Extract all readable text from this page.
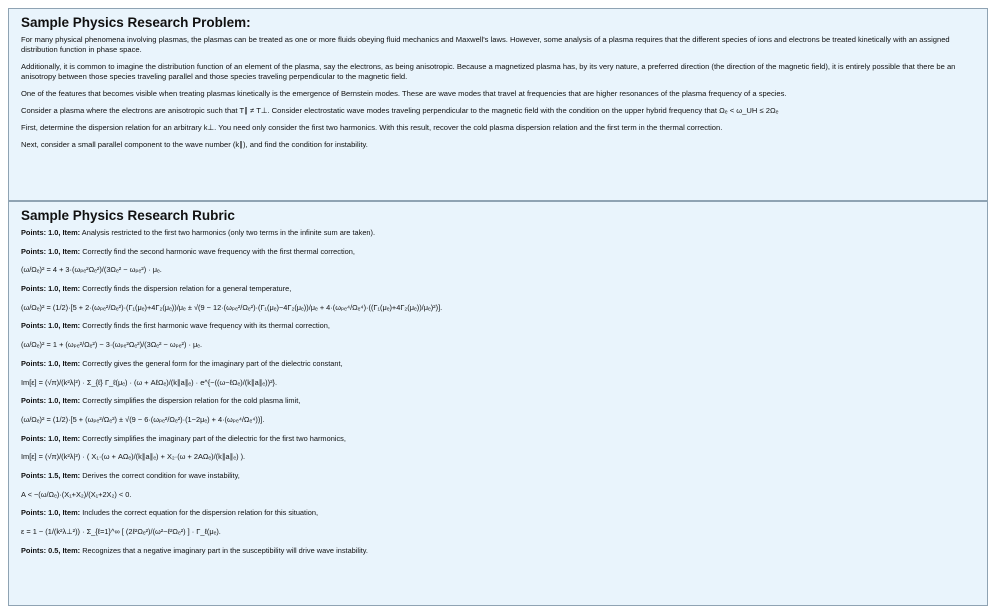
Sample Physics Research Problem:

For many physical phenomena involving plasmas, the plasmas can be treated as one or more fluids obeying fluid mechanics and Maxwell's laws. However, some analysis of a plasma requires that the different species of ions and electrons be treated kinetically with an assigned distribution function in phase space.

Additionally, it is common to imagine the distribution function of an element of the plasma, say the electrons, as being anisotropic. Because a magnetized plasma has, by its very nature, a preferred direction (the direction of the magnetic field), it is entirely possible that there be an anisotropy between those species traveling parallel and those species traveling perpendicular to the magnetic field.

One of the features that becomes visible when treating plasmas kinetically is the emergence of Bernstein modes. These are wave modes that travel at frequencies that are higher resonances of the plasma frequency of a species.

Consider a plasma where the electrons are anisotropic such that T∥ ≠ T⊥. Consider electrostatic wave modes traveling perpendicular to the magnetic field with the condition on the upper hybrid frequency that Ωₑ < ω_UH ≤ 2Ωₑ

First, determine the dispersion relation for an arbitrary k⊥. You need only consider the first two harmonics. With this result, recover the cold plasma dispersion relation and the first term in the thermal correction.

Next, consider a small parallel component to the wave number (k∥), and find the condition for instability.

Sample Physics Research Rubric
Points: 1.0, Item: Analysis restricted to the first two harmonics (only two terms in the infinite sum are taken).
Points: 1.0, Item: Correctly find the second harmonic wave frequency with the first thermal correction,
(ω/Ωₑ)² = 4 + 3·(ωₚₑ²Ωₑ²)/(3Ωₑ² − ωₚₑ²) · μₑ.
Points: 1.0, Item: Correctly finds the dispersion relation for a general temperature,
(ω/Ωₑ)² = (1/2)·[5 + 2·(ωₚₑ²/Ωₑ²)·(Γ₁(μₑ)+4Γ₂(μₑ))/μₑ ± √(9 − 12·(ωₚₑ²/Ωₑ²)·(Γ₁(μₑ)−4Γ₂(μₑ))/μₑ + 4·(ωₚₑ⁴/Ωₑ⁴)·((Γ₁(μₑ)+4Γ₂(μₑ))/μₑ)²)].
Points: 1.0, Item: Correctly finds the first harmonic wave frequency with its thermal correction,
(ω/Ωₑ)² = 1 + (ωₚₑ²/Ωₑ²) − 3·(ωₚₑ²Ωₑ²)/(3Ωₑ² − ωₚₑ²) · μₑ.
Points: 1.0, Item: Correctly gives the general form for the imaginary part of the dielectric constant,
Im[ε] = (√π)/(k²λ|²) · Σ_{ℓ} Γ_ℓ(μₑ) · (ω + AℓΩₑ)/(k∥a∥ₑ) · e^{−((ω−ℓΩₑ)/(k∥a∥ₑ))²}.
Points: 1.0, Item: Correctly simplifies the dispersion relation for the cold plasma limit,
(ω/Ωₑ)² = (1/2)·[5 + (ωₚₑ²/Ωₑ²) ± √(9 − 6·(ωₚₑ²/Ωₑ²)·(1−2μₑ) + 4·(ωₚₑ⁴/Ωₑ⁴))].
Points: 1.0, Item: Correctly simplifies the imaginary part of the dielectric for the first two harmonics,
Im[ε] = (√π)/(k²λ|²) · ( X₁·(ω + AΩₑ)/(k∥a∥ₑ) + X₂·(ω + 2AΩₑ)/(k∥a∥ₑ) ).
Points: 1.5, Item: Derives the correct condition for wave instability,
A < −(ω/Ωₑ)·(X₁+X₂)/(X₁+2X₂) < 0.
Points: 1.0, Item: Includes the correct equation for the dispersion relation for this situation,
ε = 1 − (1/(k²λ⊥²)) · Σ_{ℓ=1}^∞ [ (2ℓ²Ωₑ²)/(ω²−ℓ²Ωₑ²) ] · Γ_ℓ(μₑ).
Points: 0.5, Item: Recognizes that a negative imaginary part in the susceptibility will drive wave instability.
